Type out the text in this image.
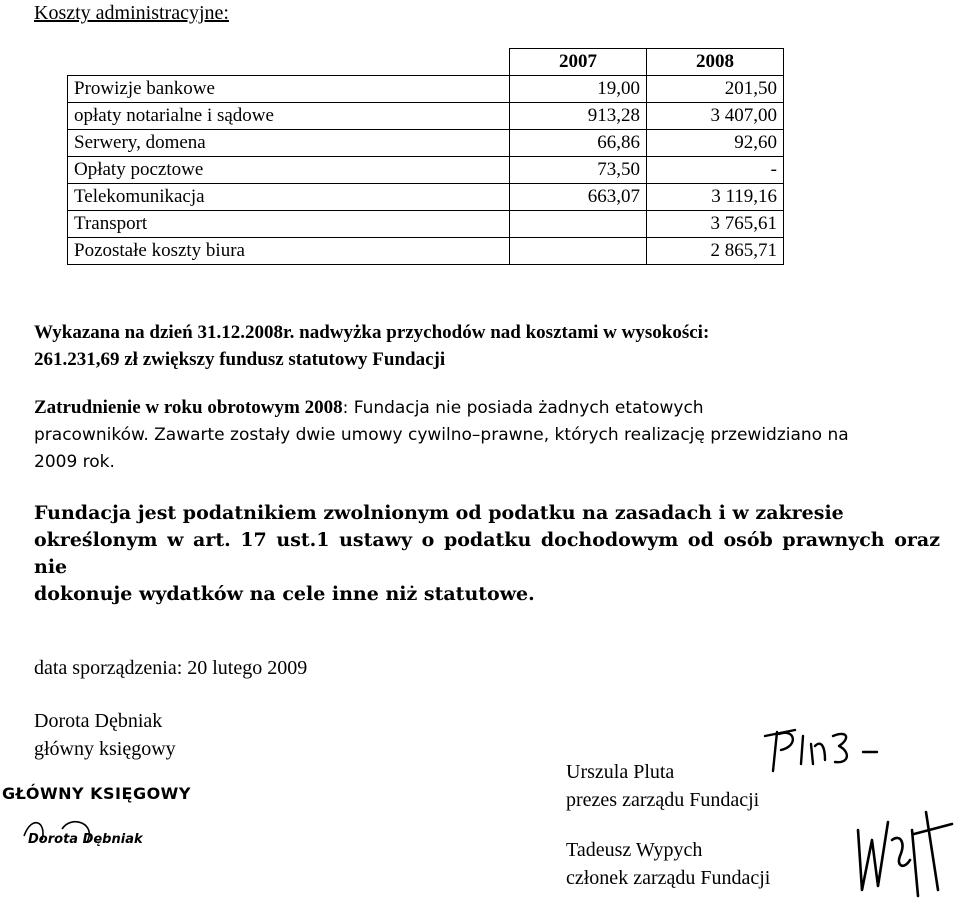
Koszty administracyjne:
	2007	2008
Prowizje bankowe	19,00	201,50
opłaty notarialne i sądowe	913,28	3 407,00
Serwery, domena	66,86	92,60
Opłaty pocztowe	73,50	-
Telekomunikacja	663,07	3 119,16
Transport		3 765,61
Pozostałe koszty biura		2 865,71
Wykazana na dzień 31.12.2008r. nadwyżka przychodów nad kosztami w wysokości:
261.231,69 zł zwiększy fundusz statutowy Fundacji
Zatrudnienie w roku obrotowym 2008: Fundacja nie posiada żadnych etatowych
pracowników. Zawarte zostały dwie umowy cywilno–prawne, których realizację przewidziano na
2009 rok.
Fundacja jest podatnikiem zwolnionym od podatku na zasadach i w zakresie
określonym w art. 17 ust.1 ustawy o podatku dochodowym od osób prawnych oraz nie
dokonuje wydatków na cele inne niż statutowe.
data sporządzenia: 20 lutego 2009
Dorota Dębniak
główny księgowy
GŁÓWNY KSIĘGOWY
Dorota Dębniak
Urszula Pluta
prezes zarządu Fundacji
Tadeusz Wypych
członek zarządu Fundacji
